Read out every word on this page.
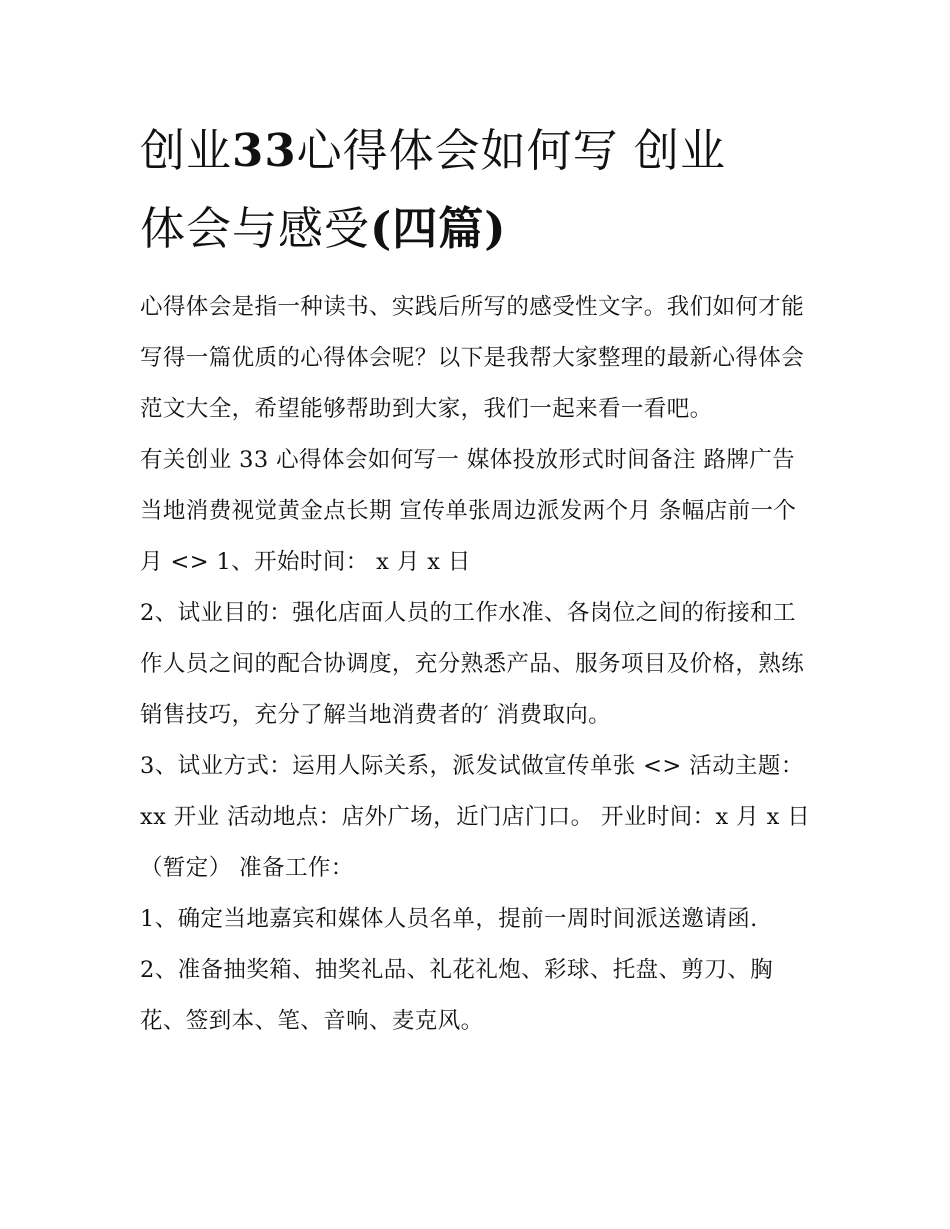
创业33心得体会如何写 创业
体会与感受(四篇)

心得体会是指一种读书、实践后所写的感受性文字。我们如何才能写得一篇优质的心得体会呢？以下是我帮大家整理的最新心得体会范文大全，希望能够帮助到大家，我们一起来看一看吧。

有关创业 33 心得体会如何写一 媒体投放形式时间备注 路牌广告当地消费视觉黄金点长期 宣传单张周边派发两个月 条幅店前一个月 <> 1、开始时间： x 月 x 日

2、试业目的：强化店面人员的工作水准、各岗位之间的衔接和工作人员之间的配合协调度，充分熟悉产品、服务项目及价格，熟练销售技巧，充分了解当地消费者的′ 消费取向。

3、试业方式：运用人际关系，派发试做宣传单张 <> 活动主题：xx 开业 活动地点：店外广场，近门店门口。 开业时间：x 月 x 日（暂定） 准备工作：

1、确定当地嘉宾和媒体人员名单，提前一周时间派送邀请函.

2、准备抽奖箱、抽奖礼品、礼花礼炮、彩球、托盘、剪刀、胸花、签到本、笔、音响、麦克风。
